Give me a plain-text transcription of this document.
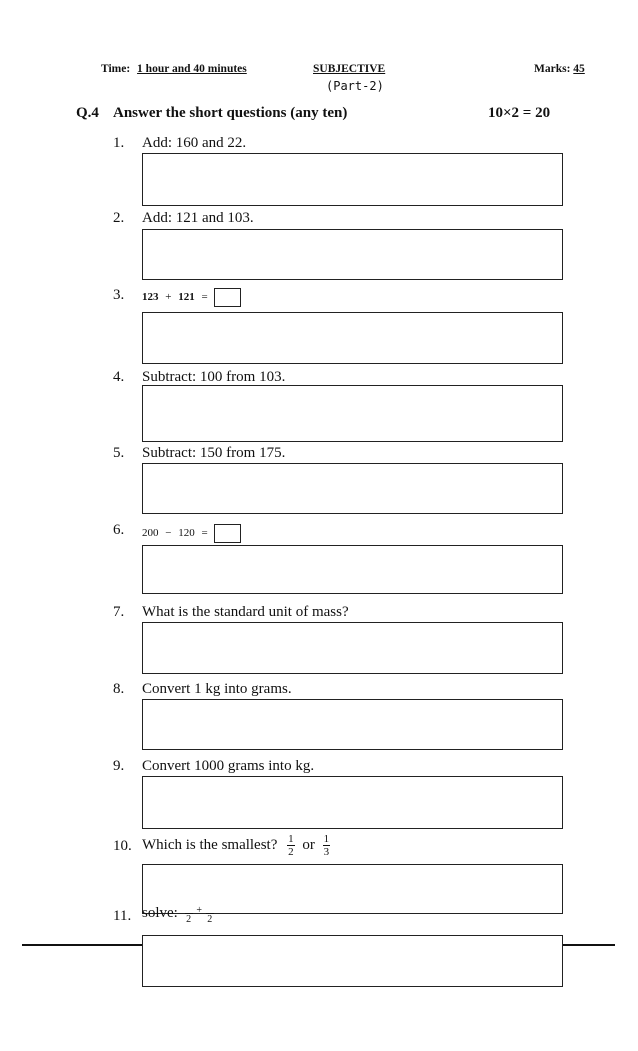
Time: 1 hour and 40 minutes	SUBJECTIVE
(Part-2)
Marks: 45
Q.4 Answer the short questions (any ten)	10×2 = 20
1. Add: 160 and 22.
2. Add: 121 and 103.
3. 123 + 121 =
4. Subtract: 100 from 103.
5. Subtract: 150 from 175.
6. 200 − 120 =
7. What is the standard unit of mass?
8. Convert 1 kg into grams.
9. Convert 1000 grams into kg.
10. Which is the smallest? $\frac{1}{2}$ or $\frac{1}{3}$
11. solve: 2
+
2
